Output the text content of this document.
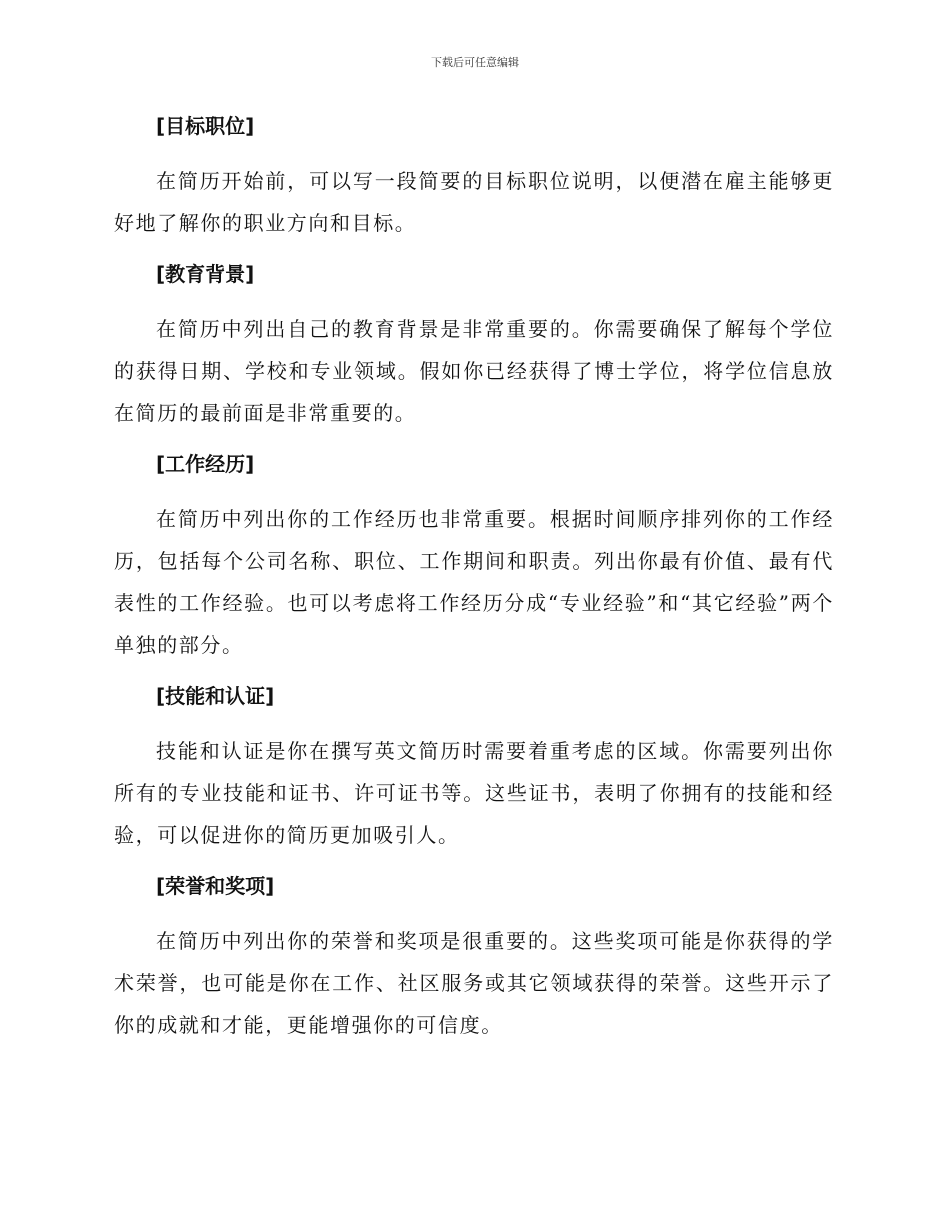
下载后可任意编辑
[目标职位]

在简历开始前，可以写一段简要的目标职位说明，以便潜在雇主能够更好地了解你的职业方向和目标。

[教育背景]

在简历中列出自己的教育背景是非常重要的。你需要确保了解每个学位的获得日期、学校和专业领域。假如你已经获得了博士学位，将学位信息放在简历的最前面是非常重要的。

[工作经历]

在简历中列出你的工作经历也非常重要。根据时间顺序排列你的工作经历，包括每个公司名称、职位、工作期间和职责。列出你最有价值、最有代表性的工作经验。也可以考虑将工作经历分成“专业经验”和“其它经验”两个单独的部分。

[技能和认证]

技能和认证是你在撰写英文简历时需要着重考虑的区域。你需要列出你所有的专业技能和证书、许可证书等。这些证书，表明了你拥有的技能和经验，可以促进你的简历更加吸引人。

[荣誉和奖项]

在简历中列出你的荣誉和奖项是很重要的。这些奖项可能是你获得的学术荣誉，也可能是你在工作、社区服务或其它领域获得的荣誉。这些开示了你的成就和才能，更能增强你的可信度。
